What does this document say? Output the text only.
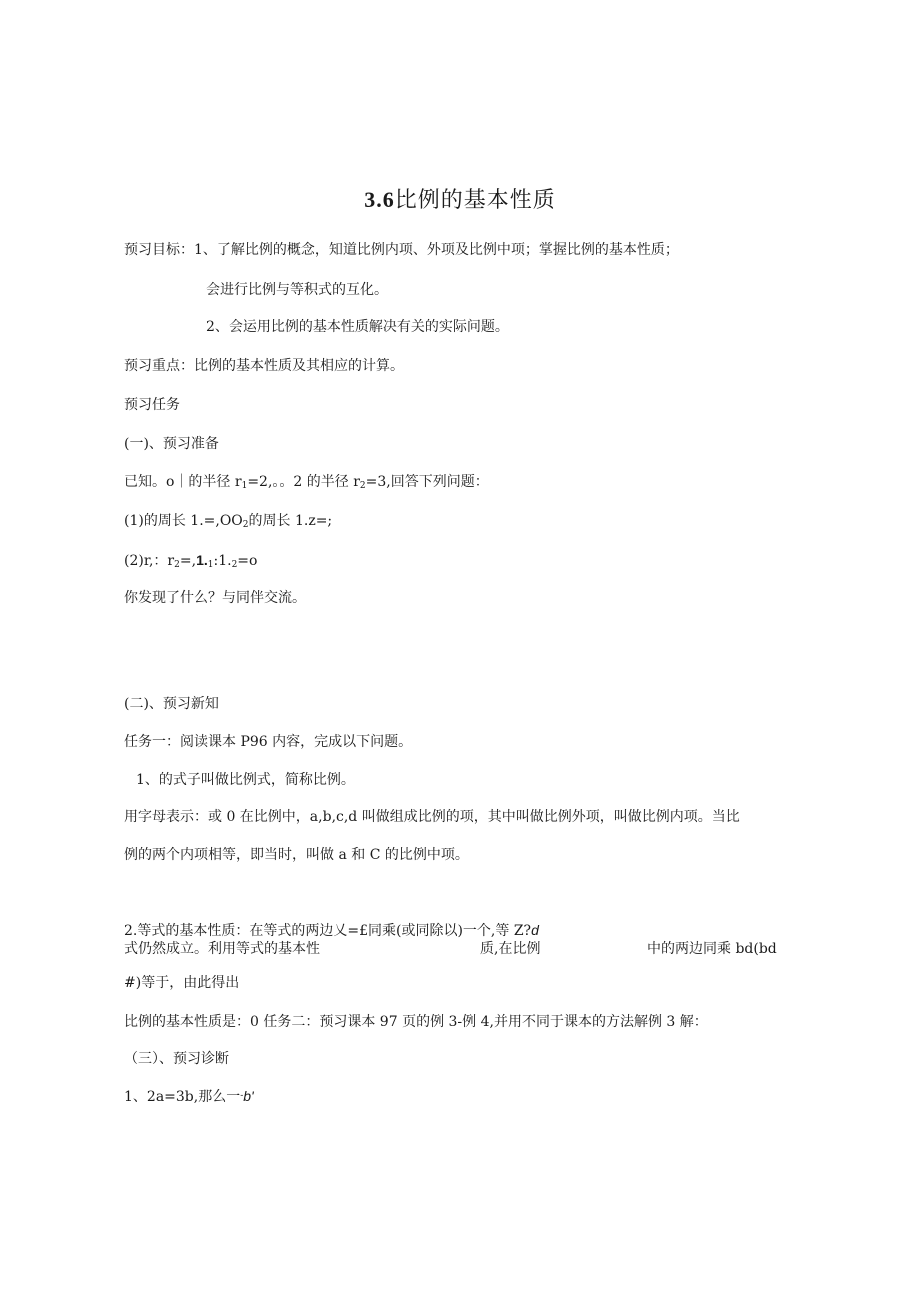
3.6比例的基本性质
预习目标：1、了解比例的概念，知道比例内项、外项及比例中项；掌握比例的基本性质；
会进行比例与等积式的互化。
2、会运用比例的基本性质解决有关的实际问题。
预习重点：比例的基本性质及其相应的计算。
预习任务
(一)、预习准备
已知。o｜的半径 $r_1=2$,。。2 的半径 $r_2=3$,回答下列问题：
(1)的周长 $1.=,OO_2$的周长 1.z=;
(2)r,：$r_2=,1._1:1._2=o$
你发现了什么？与同伴交流。
(二)、预习新知
任务一：阅读课本 P96 内容，完成以下问题。
1、的式子叫做比例式，简称比例。
用字母表示：或 0 在比例中，a,b,c,d 叫做组成比例的项，其中叫做比例外项，叫做比例内项。当比
例的两个内项相等，即当时，叫做 a 和 C 的比例中项。
2.等式的基本性质：在等式的两边乂=£同乘(或同除以)一个,等 Z?d
式仍然成立。利用等式的基本性	质,在比例	中的两边同乘 bd(bd
#)等于，由此得出
比例的基本性质是：0 任务二：预习课本 97 页的例 3-例 4,并用不同于课本的方法解例 3 解：
（三）、预习诊断
1、2a=3b,那么一-b'
